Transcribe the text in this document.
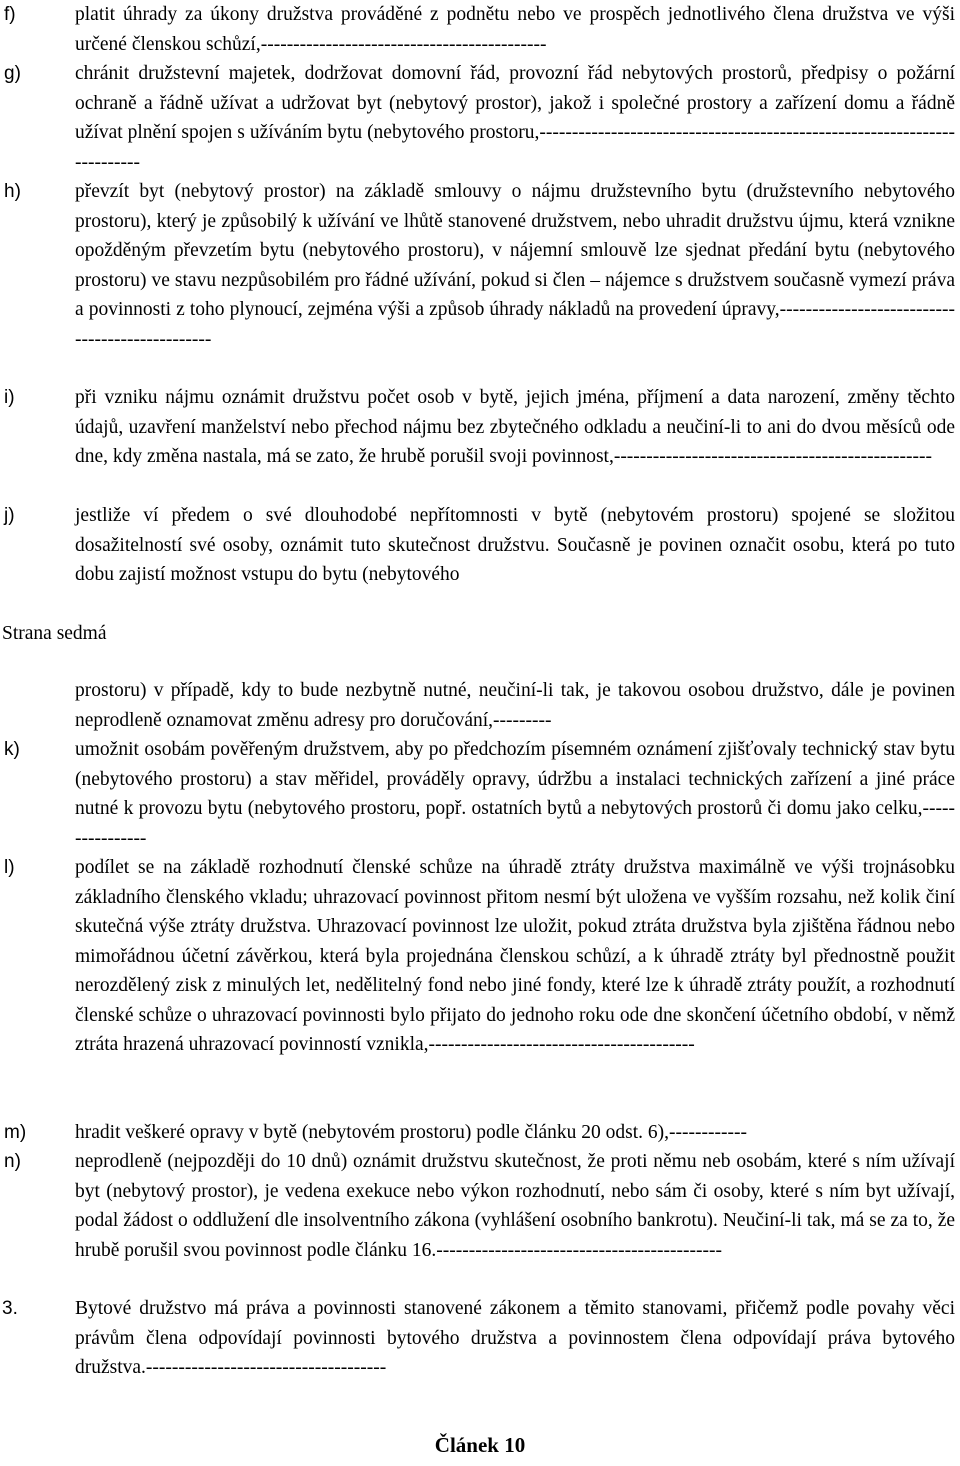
f)	platit úhrady za úkony družstva prováděné z podnětu nebo ve prospěch jednotlivého člena družstva ve výši určené členskou schůzí,--------------------------------------------
g)	chránit družstevní majetek, dodržovat domovní řád, provozní řád nebytových prostorů, předpisy o požární ochraně a řádně užívat a udržovat byt (nebytový prostor), jakož i společné prostory a zařízení domu a řádně užívat plnění spojen s užíváním bytu (nebytového prostoru,--------------------------------------------------------------------------
h)	převzít byt (nebytový prostor) na základě smlouvy o nájmu družstevního bytu (družstevního nebytového prostoru), který je způsobilý k užívání ve lhůtě stanovené družstvem, nebo uhradit družstvu újmu, která vznikne opožděným převzetím bytu (nebytového prostoru), v nájemní smlouvě lze sjednat předání bytu (nebytového prostoru) ve stavu nezpůsobilém pro řádné užívání, pokud si člen – nájemce s družstvem současně vymezí práva a povinnosti z toho plynoucí, zejména výši a způsob úhrady nákladů na provedení úpravy,------------------------------------------------
i)	při vzniku nájmu oznámit družstvu počet osob v bytě, jejich jména, příjmení a data narození, změny těchto údajů, uzavření manželství nebo přechod nájmu bez zbytečného odkladu a neučiní-li to ani do dvou měsíců ode dne, kdy změna nastala, má se zato, že hrubě porušil svoji povinnost,-------------------------------------------------
j)	jestliže ví předem o své dlouhodobé nepřítomnosti v bytě (nebytovém prostoru) spojené se složitou dosažitelností své osoby, oznámit tuto skutečnost družstvu. Současně je povinen označit osobu, která po tuto dobu zajistí možnost vstupu do bytu (nebytového
Strana sedmá
prostoru) v případě, kdy to bude nezbytně nutné, neučiní-li tak, je takovou osobou družstvo, dále je povinen neprodleně oznamovat změnu adresy pro doručování,---------
k)	umožnit osobám pověřeným družstvem, aby po předchozím písemném oznámení zjišťovaly technický stav bytu (nebytového prostoru) a stav měřidel, prováděly opravy, údržbu a instalaci technických zařízení a jiné práce nutné k provozu bytu (nebytového prostoru, popř. ostatních bytů a nebytových prostorů či domu jako celku,----------------
l)	podílet se na základě rozhodnutí členské schůze na úhradě ztráty družstva maximálně ve výši trojnásobku základního členského vkladu; uhrazovací povinnost přitom nesmí být uložena ve vyšším rozsahu, než kolik činí skutečná výše ztráty družstva. Uhrazovací povinnost lze uložit, pokud ztráta družstva byla zjištěna řádnou nebo mimořádnou účetní závěrkou, která byla projednána členskou schůzí, a k úhradě ztráty byl přednostně použit nerozdělený zisk z minulých let, nedělitelný fond nebo jiné fondy, které lze k úhradě ztráty použít, a rozhodnutí členské schůze o uhrazovací povinnosti bylo přijato do jednoho roku ode dne skončení účetního období, v němž ztráta hrazená uhrazovací povinností vznikla,-----------------------------------------
m)	hradit veškeré opravy v bytě (nebytovém prostoru) podle článku 20 odst. 6),------------
n)	neprodleně (nejpozději do 10 dnů) oznámit družstvu skutečnost, že proti němu neb osobám, které s ním užívají byt (nebytový prostor), je vedena exekuce nebo výkon rozhodnutí, nebo sám či osoby, které s ním byt užívají, podal žádost o oddlužení dle insolventního zákona (vyhlášení osobního bankrotu). Neučiní-li tak, má se za to, že hrubě porušil svou povinnost podle článku 16.--------------------------------------------
3.	Bytové družstvo má práva a povinnosti stanovené zákonem a těmito stanovami, přičemž podle povahy věci právům člena odpovídají povinnosti bytového družstva a povinnostem člena odpovídají práva bytového družstva.-------------------------------------
Článek 10
